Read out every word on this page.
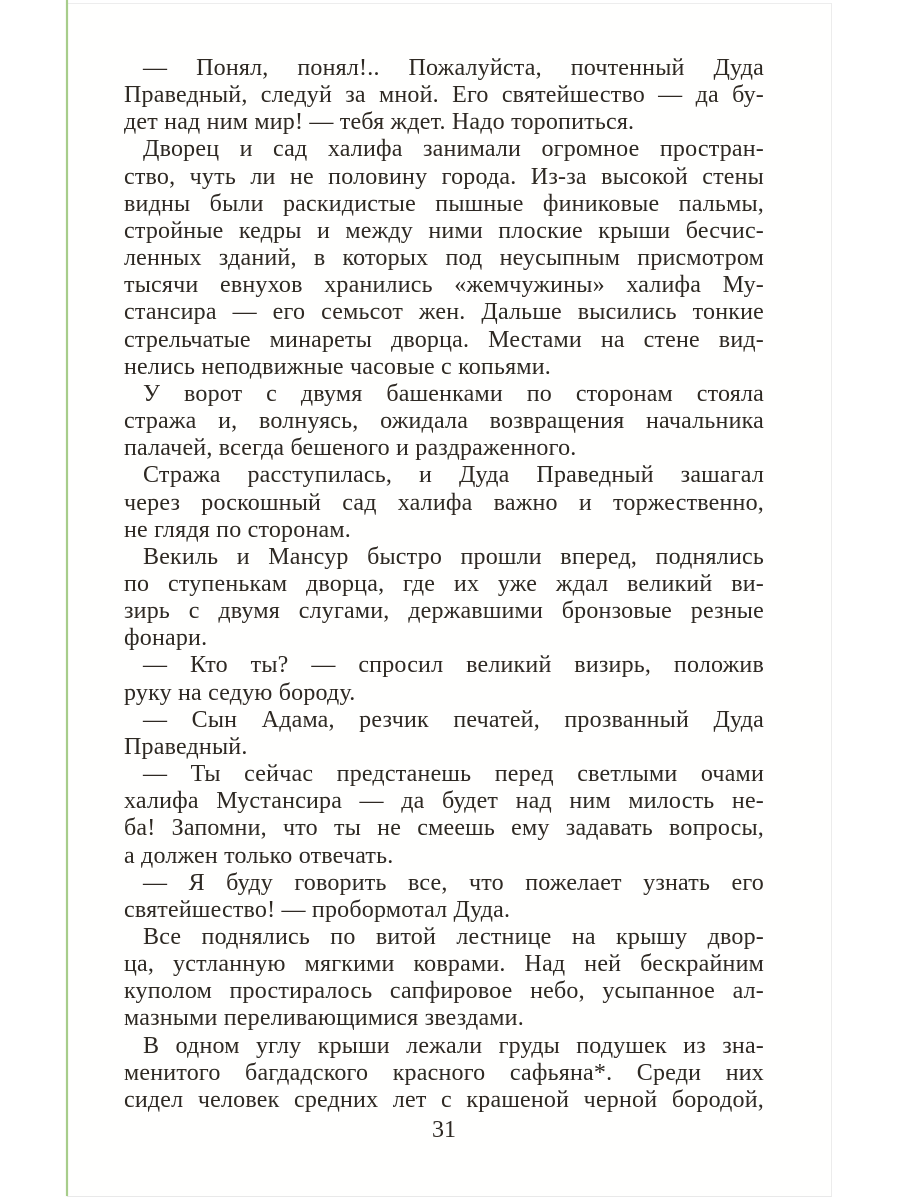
— Понял, понял!.. Пожалуйста, почтенный Дуда
Праведный, следуй за мной. Его святейшество — да бу-
дет над ним мир! — тебя ждет. Надо торопиться.
Дворец и сад халифа занимали огромное простран-
ство, чуть ли не половину города. Из-за высокой стены
видны были раскидистые пышные финиковые пальмы,
стройные кедры и между ними плоские крыши бесчис-
ленных зданий, в которых под неусыпным присмотром
тысячи евнухов хранились «жемчужины» халифа Му-
стансира — его семьсот жен. Дальше высились тонкие
стрельчатые минареты дворца. Местами на стене вид-
нелись неподвижные часовые с копьями.
У ворот с двумя башенками по сторонам стояла
стража и, волнуясь, ожидала возвращения начальника
палачей, всегда бешеного и раздраженного.
Стража расступилась, и Дуда Праведный зашагал
через роскошный сад халифа важно и торжественно,
не глядя по сторонам.
Векиль и Мансур быстро прошли вперед, поднялись
по ступенькам дворца, где их уже ждал великий ви-
зирь с двумя слугами, державшими бронзовые резные
фонари.
— Кто ты? — спросил великий визирь, положив
руку на седую бороду.
— Сын Адама, резчик печатей, прозванный Дуда
Праведный.
— Ты сейчас предстанешь перед светлыми очами
халифа Мустансира — да будет над ним милость не-
ба! Запомни, что ты не смеешь ему задавать вопросы,
а должен только отвечать.
— Я буду говорить все, что пожелает узнать его
святейшество! — пробормотал Дуда.
Все поднялись по витой лестнице на крышу двор-
ца, устланную мягкими коврами. Над ней бескрайним
куполом простиралось сапфировое небо, усыпанное ал-
мазными переливающимися звездами.
В одном углу крыши лежали груды подушек из зна-
менитого багдадского красного сафьяна*. Среди них
сидел человек средних лет с крашеной черной бородой,
31
